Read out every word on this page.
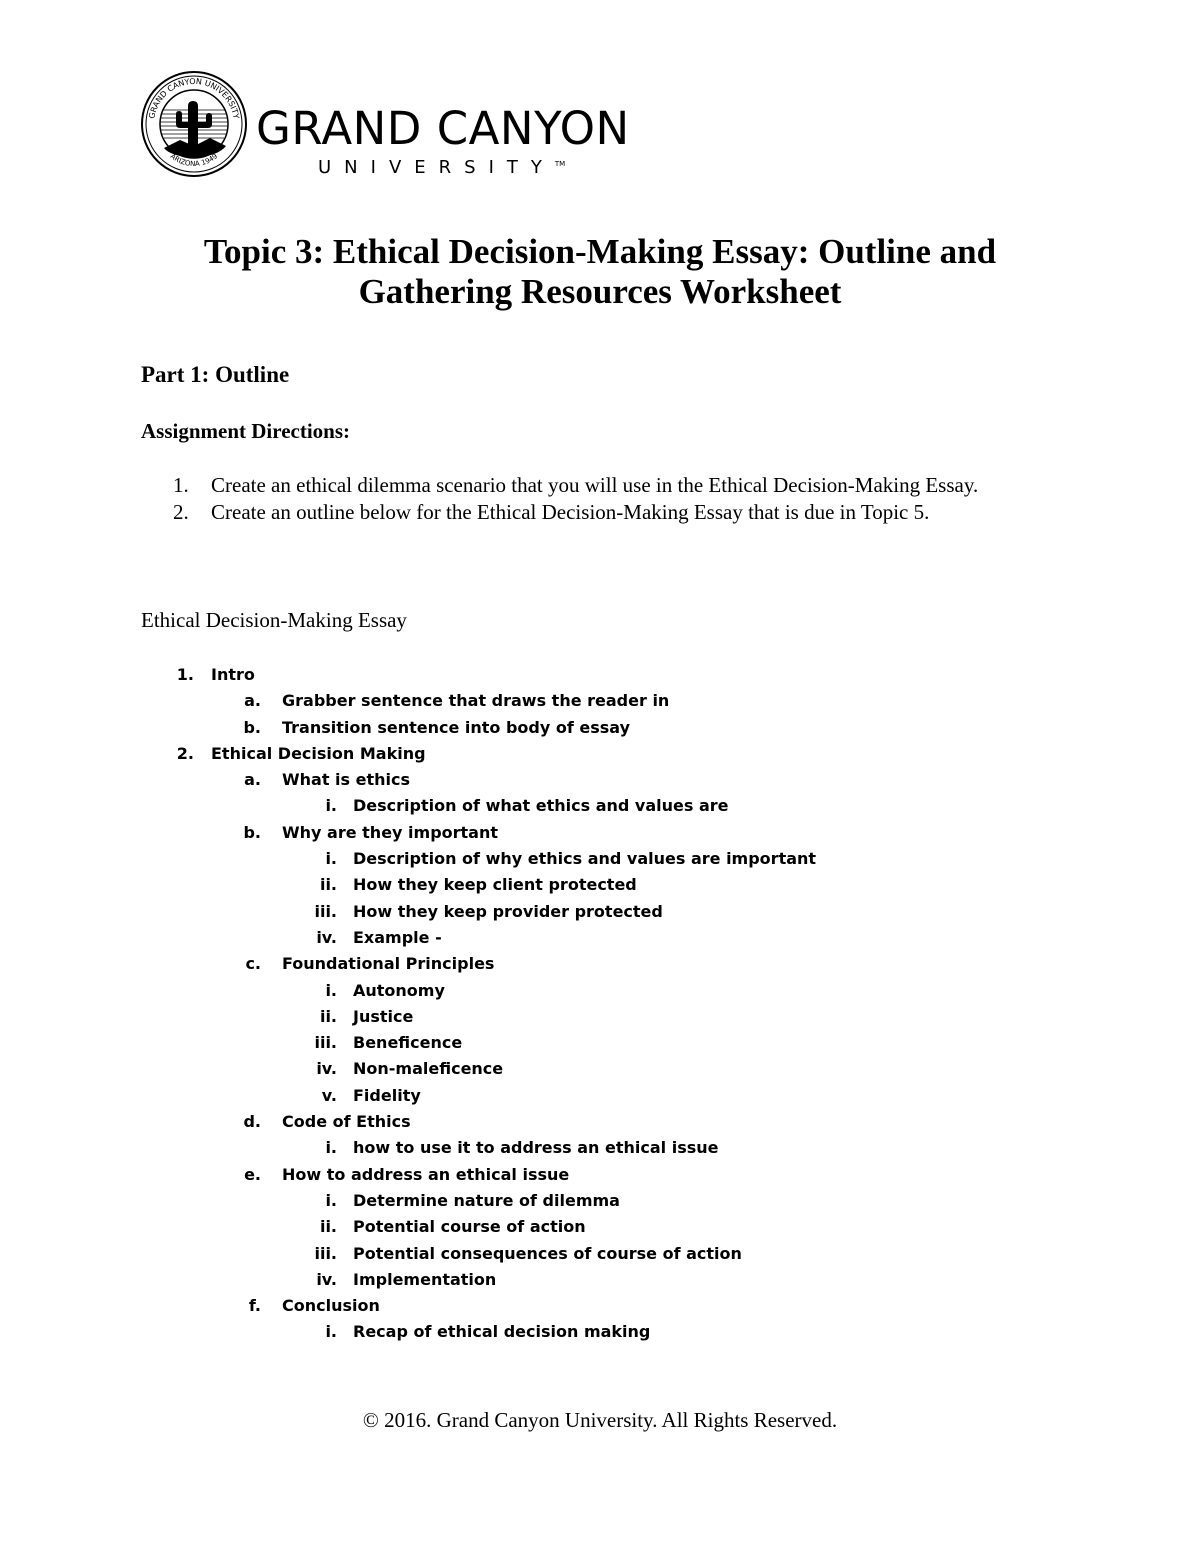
GRAND CANYON UNIVERSITY
ARIZONA 1949
GRAND CANYON
UNIVERSITY™
Topic 3: Ethical Decision-Making Essay: Outline and
Gathering Resources Worksheet
Part 1: Outline
Assignment Directions:
1. Create an ethical dilemma scenario that you will use in the Ethical Decision-Making Essay.
2. Create an outline below for the Ethical Decision-Making Essay that is due in Topic 5.
Ethical Decision-Making Essay
1. Intro
a. Grabber sentence that draws the reader in
b. Transition sentence into body of essay
2. Ethical Decision Making
a. What is ethics
i. Description of what ethics and values are
b. Why are they important
i. Description of why ethics and values are important
ii. How they keep client protected
iii. How they keep provider protected
iv. Example -
c. Foundational Principles
i. Autonomy
ii. Justice
iii. Beneficence
iv. Non-maleficence
v. Fidelity
d. Code of Ethics
i. how to use it to address an ethical issue
e. How to address an ethical issue
i. Determine nature of dilemma
ii. Potential course of action
iii. Potential consequences of course of action
iv. Implementation
f. Conclusion
i. Recap of ethical decision making
© 2016. Grand Canyon University. All Rights Reserved.
